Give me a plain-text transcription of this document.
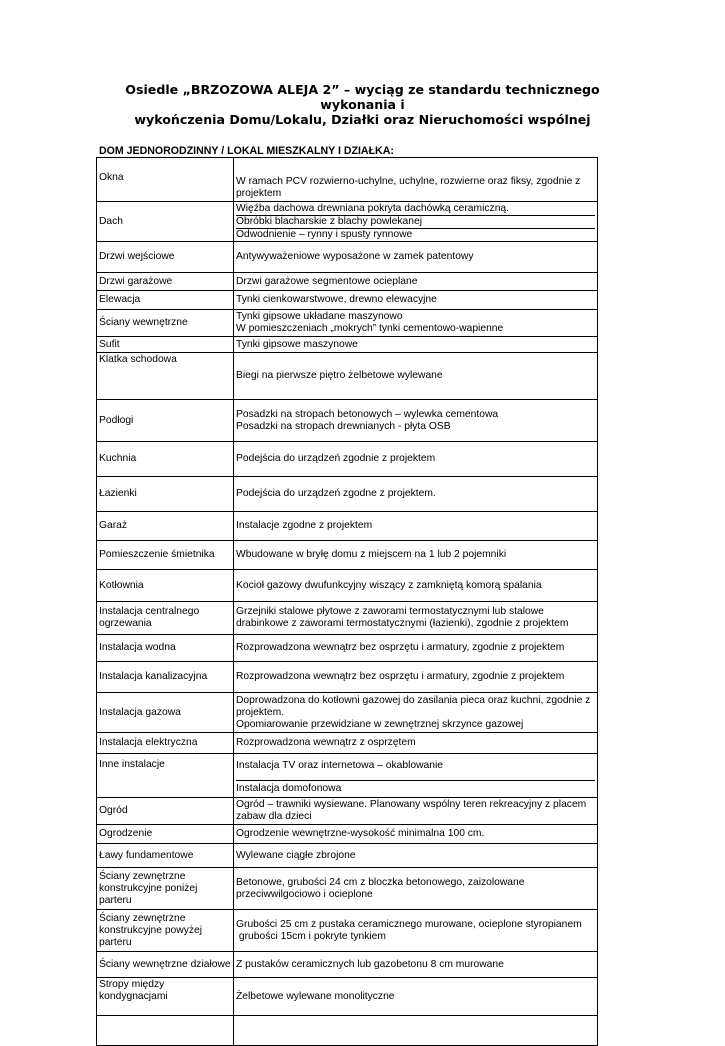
Osiedle „BRZOZOWA ALEJA 2” – wyciąg ze standardu technicznego wykonania i
wykończenia Domu/Lokalu, Działki oraz Nieruchomości wspólnej
DOM JEDNORODZINNY / LOKAL MIESZKALNY I DZIAŁKA:
Okna	W ramach PCV rozwierno-uchylne, uchylne, rozwierne oraz fiksy, zgodnie z projektem
Dach	Więźba dachowa drewniana pokryta dachówką ceramiczną.
Obróbki blacharskie z blachy powlekanej
Odwodnienie – rynny i spusty rynnowe

Drzwi wejściowe	Antywyważeniowe wyposażone w zamek patentowy
Drzwi garażowe	Drzwi garażowe segmentowe ocieplane
Elewacja	Tynki cienkowarstwowe, drewno elewacyjne
Ściany wewnętrzne	Tynki gipsowe układane maszynowo
W pomieszczeniach „mokrych” tynki cementowo-wapienne

Sufit	Tynki gipsowe maszynowe
Klatka schodowa	Biegi na pierwsze piętro żelbetowe wylewane
Podłogi	Posadzki na stropach betonowych – wylewka cementowa
Posadzki na stropach drewnianych - płyta OSB

Kuchnia	Podejścia do urządzeń zgodnie z projektem
Łazienki	Podejścia do urządzeń zgodne z projektem.
Garaż	Instalacje zgodne z projektem
Pomieszczenie śmietnika	Wbudowane w bryłę domu z miejscem na 1 lub 2 pojemniki
Kotłownia	Kocioł gazowy dwufunkcyjny wiszący z zamkniętą komorą spalania
Instalacja centralnego ogrzewania	Grzejniki stalowe płytowe z zaworami termostatycznymi lub stalowe drabinkowe z zaworami termostatycznymi (łazienki), zgodnie z projektem
Instalacja wodna	Rozprowadzona wewnątrz bez osprzętu i armatury, zgodnie z projektem
Instalacja kanalizacyjna	Rozprowadzona wewnątrz bez osprzętu i armatury, zgodnie z projektem
Instalacja gazowa	Doprowadzona do kotłowni gazowej do zasilania pieca oraz kuchni, zgodnie z projektem.
Opomiarowanie przewidziane w zewnętrznej skrzynce gazowej

Instalacja elektryczna	Rozprowadzona wewnątrz z osprzętem
Inne instalacje	Instalacja TV oraz internetowa – okablowanie
Instalacja domofonowa

Ogród	Ogród – trawniki wysiewane. Planowany wspólny teren rekreacyjny z placem zabaw dla dzieci
Ogrodzenie	Ogrodzenie wewnętrzne-wysokość minimalna 100 cm.
Ławy fundamentowe	Wylewane ciągłe zbrojone
Ściany zewnętrzne konstrukcyjne poniżej parteru	Betonowe, grubości 24 cm z bloczka betonowego, zaizolowane przeciwwilgociowo i ocieplone
Ściany zewnętrzne konstrukcyjne powyżej parteru	Grubości 25 cm z pustaka ceramicznego murowane, ocieplone styropianem
grubości 15cm i pokryte tynkiem

Ściany wewnętrzne działowe	Z pustaków ceramicznych lub gazobetonu 8 cm murowane
Stropy między kondygnacjami	Żelbetowe wylewane monolityczne
